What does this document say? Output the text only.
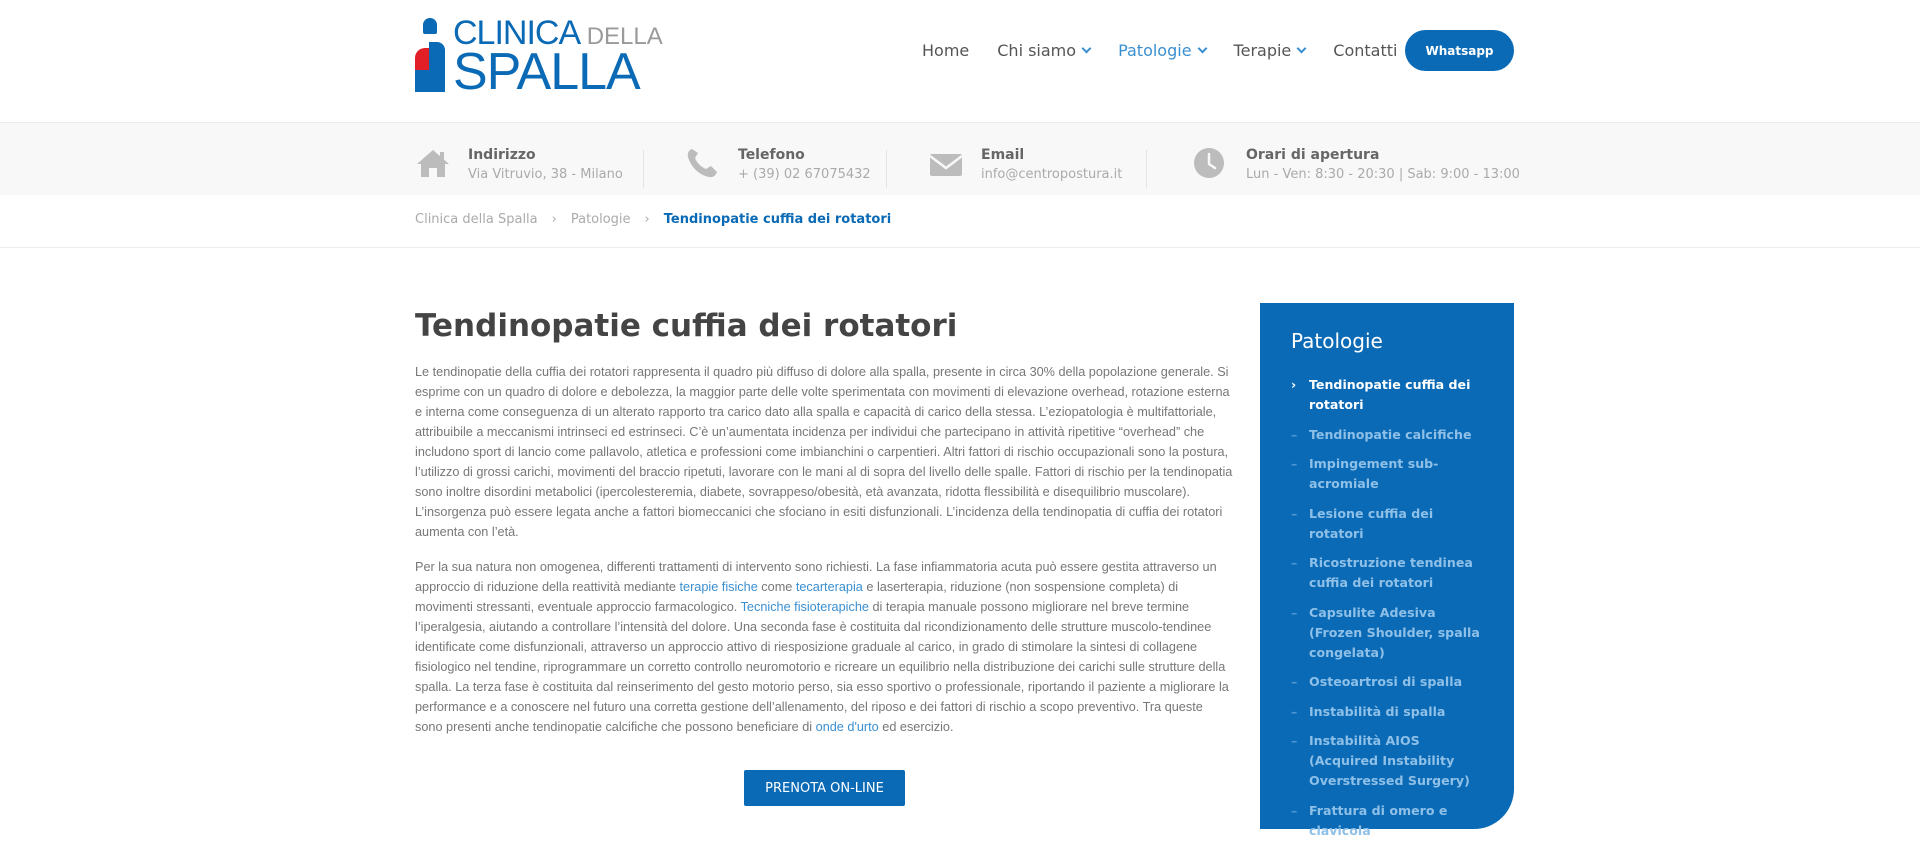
CLINICA DELLA
SPALLA	Home Chi siamo	Patologie	Terapie	Contatti	Whatsapp
Indirizzo
Via Vitruvio, 38 - Milano
Telefono
+ (39) 02 67075432
Email
info@centropostura.it
Orari di apertura
Lun - Ven: 8:30 - 20:30 | Sab: 9:00 - 13:00
Clinica della Spalla › Patologie › Tendinopatie cuffia dei rotatori
Tendinopatie cuffia dei rotatori

Le tendinopatie della cuffia dei rotatori rappresenta il quadro più diffuso di dolore alla spalla, presente in circa 30% della popolazione generale. Si esprime con un quadro di dolore e debolezza, la maggior parte delle volte sperimentata con movimenti di elevazione overhead, rotazione esterna e interna come conseguenza di un alterato rapporto tra carico dato alla spalla e capacità di carico della stessa. L’eziopatologia è multifattoriale, attribuibile a meccanismi intrinseci ed estrinseci. C’è un’aumentata incidenza per individui che partecipano in attività ripetitive “overhead” che includono sport di lancio come pallavolo, atletica e professioni come imbianchini o carpentieri. Altri fattori di rischio occupazionali sono la postura, l’utilizzo di grossi carichi, movimenti del braccio ripetuti, lavorare con le mani al di sopra del livello delle spalle. Fattori di rischio per la tendinopatia sono inoltre disordini metabolici (ipercolesteremia, diabete, sovrappeso/obesità, età avanzata, ridotta flessibilità e disequilibrio muscolare). L’insorgenza può essere legata anche a fattori biomeccanici che sfociano in esiti disfunzionali. L’incidenza della tendinopatia di cuffia dei rotatori aumenta con l’età.

Per la sua natura non omogenea, differenti trattamenti di intervento sono richiesti. La fase infiammatoria acuta può essere gestita attraverso un approccio di riduzione della reattività mediante terapie fisiche come tecarterapia e laserterapia, riduzione (non sospensione completa) di movimenti stressanti, eventuale approccio farmacologico. Tecniche fisioterapiche di terapia manuale possono migliorare nel breve termine l’iperalgesia, aiutando a controllare l’intensità del dolore. Una seconda fase è costituita dal ricondizionamento delle strutture muscolo-tendinee identificate come disfunzionali, attraverso un approccio attivo di riesposizione graduale al carico, in grado di stimolare la sintesi di collagene fisiologico nel tendine, riprogrammare un corretto controllo neuromotorio e ricreare un equilibrio nella distribuzione dei carichi sulle strutture della spalla. La terza fase è costituita dal reinserimento del gesto motorio perso, sia esso sportivo o professionale, riportando il paziente a migliorare la performance e a conoscere nel futuro una corretta gestione dell’allenamento, del riposo e dei fattori di rischio a scopo preventivo. Tra queste sono presenti anche tendinopatie calcifiche che possono beneficiare di onde d'urto ed esercizio.

PRENOTA ON-LINE
Patologie
›	Tendinopatie cuffia dei rotatori
– Tendinopatie calcifiche
– Impingement sub-acromiale
– Lesione cuffia dei rotatori
– Ricostruzione tendinea cuffia dei rotatori
– Capsulite Adesiva (Frozen Shoulder, spalla congelata)
– Osteoartrosi di spalla
– Instabilità di spalla
– Instabilità AIOS (Acquired Instability Overstressed Surgery)
– Frattura di omero e clavicola
